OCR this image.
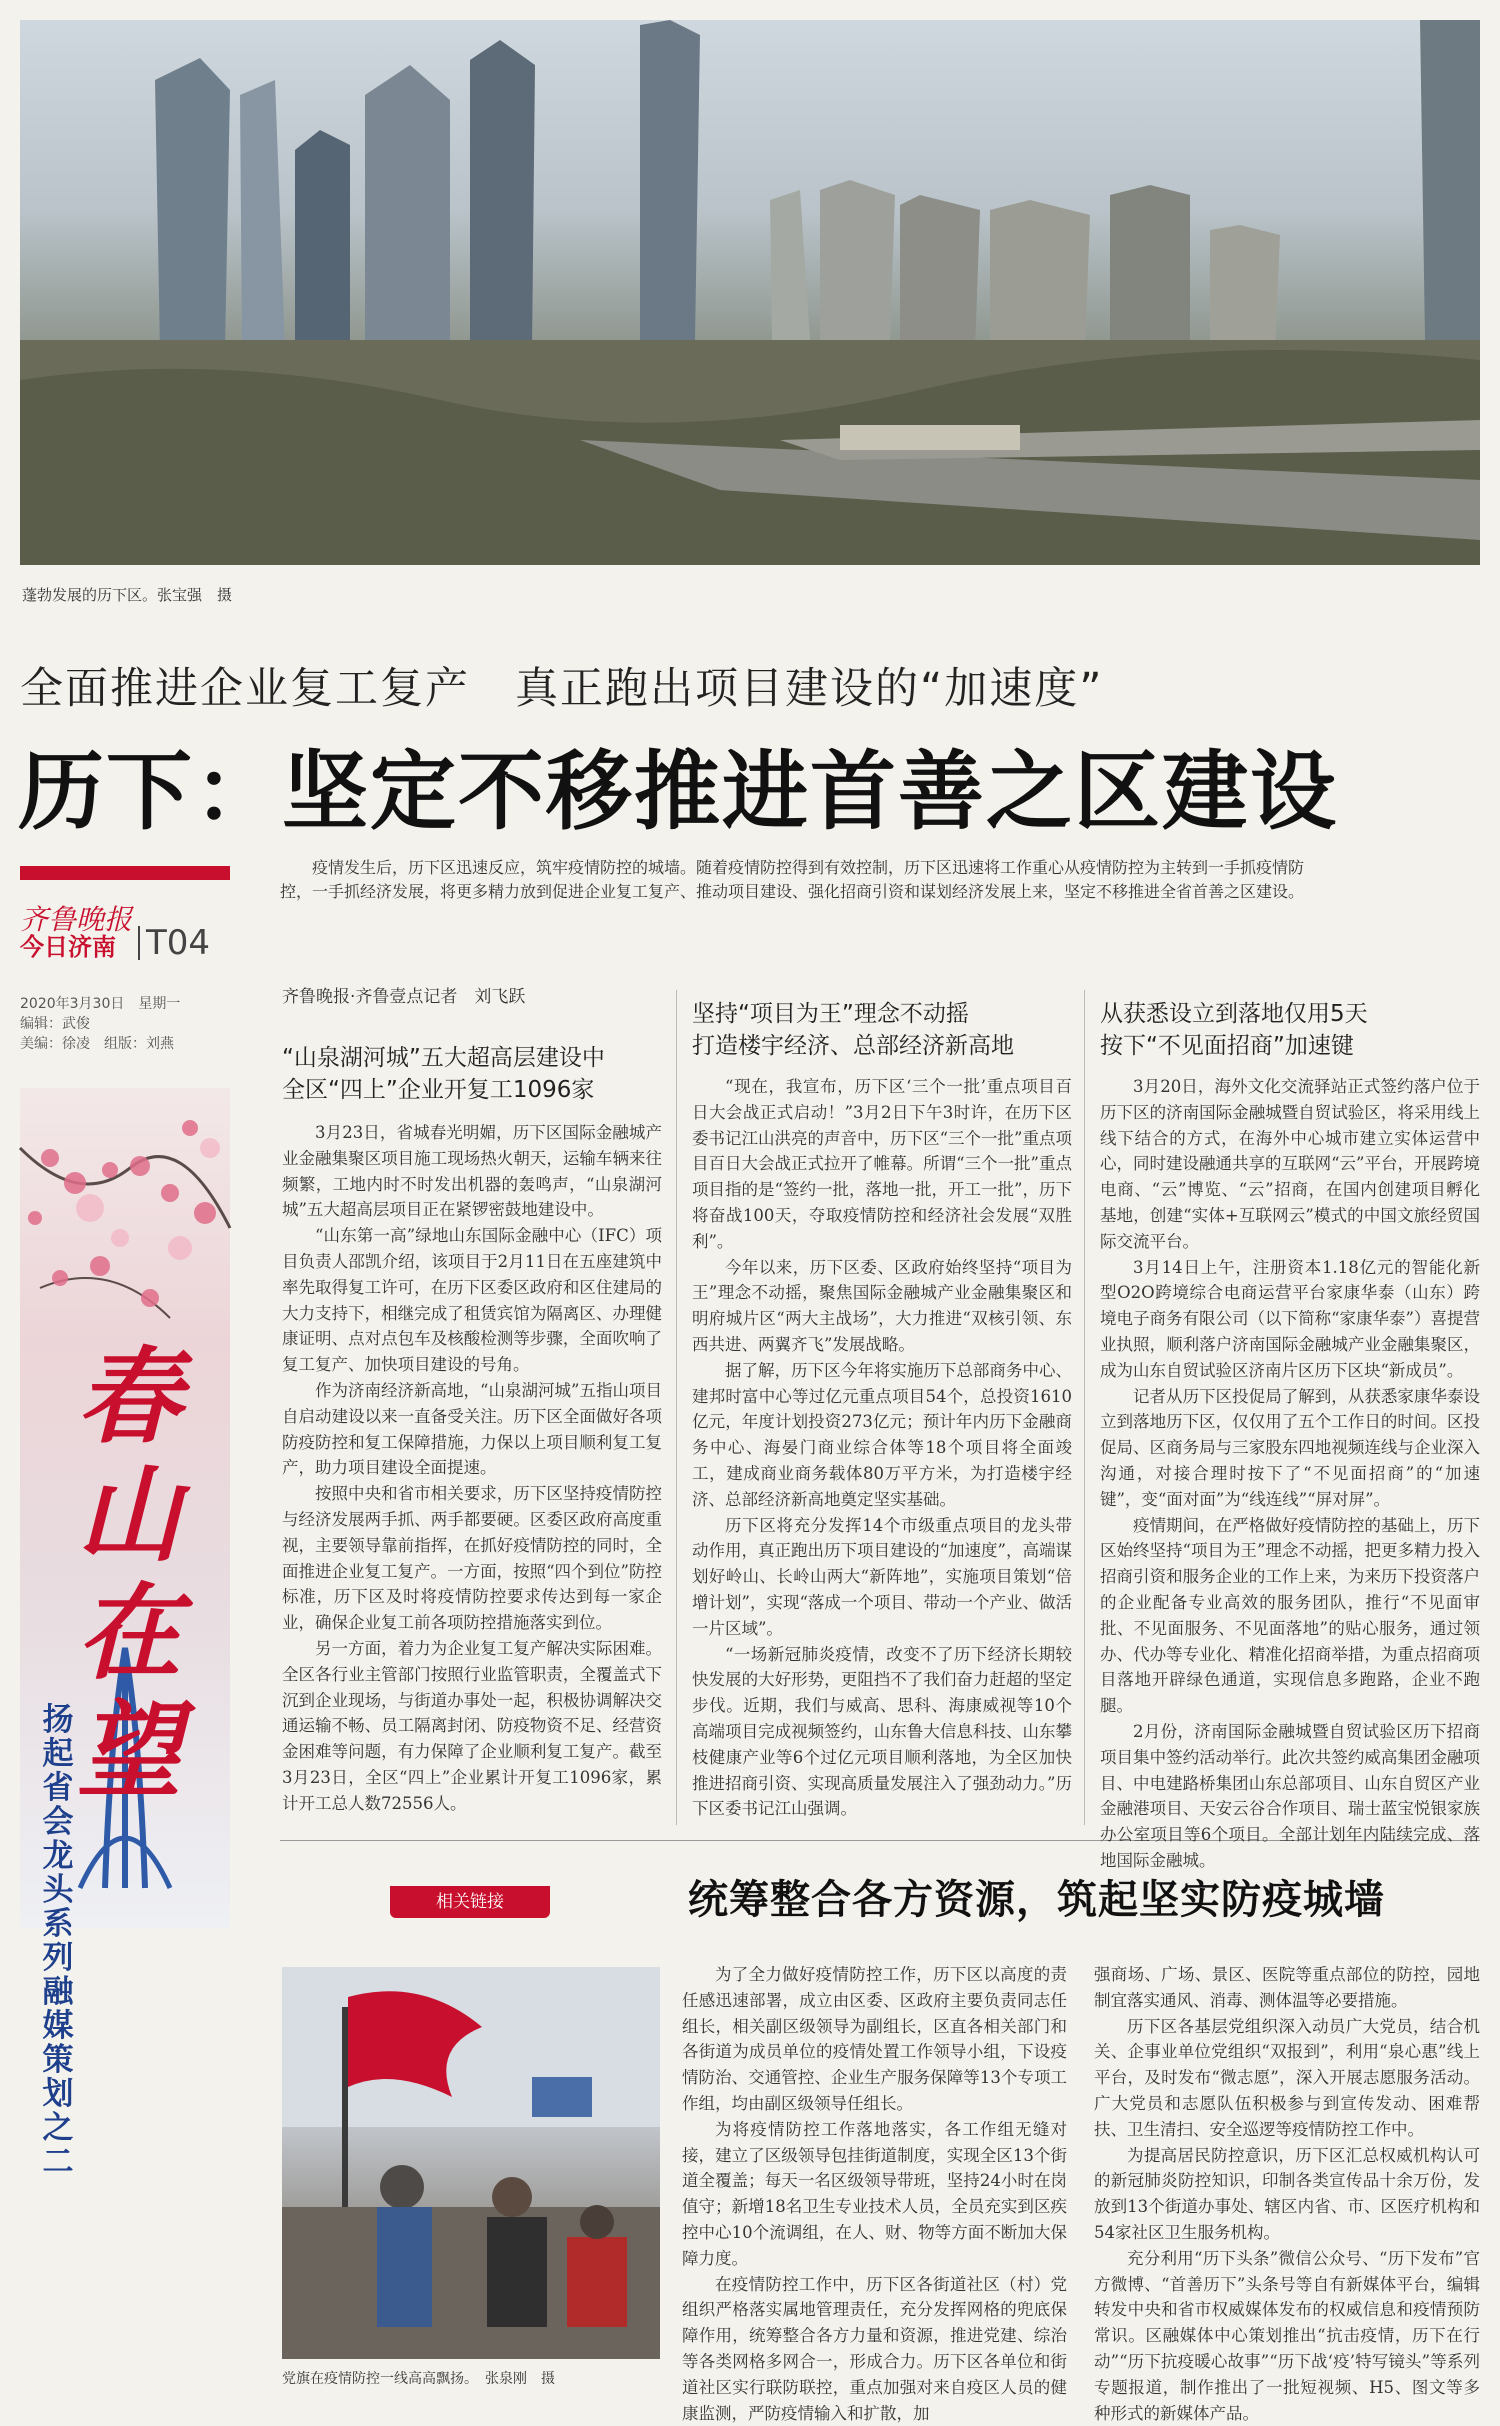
蓬勃发展的历下区。张宝强　摄
全面推进企业复工复产　真正跑出项目建设的“加速度”
历下：坚定不移推进首善之区建设
齐鲁晚报
今日济南 T04
2020年3月30日　星期一
编辑：武俊
美编：徐凌　组版：刘燕
春山在望
扬起省会龙头系列融媒策划之二
疫情发生后，历下区迅速反应，筑牢疫情防控的城墙。随着疫情防控得到有效控制，历下区迅速将工作重心从疫情防控为主转到一手抓疫情防控，一手抓经济发展，将更多精力放到促进企业复工复产、推动项目建设、强化招商引资和谋划经济发展上来，坚定不移推进全省首善之区建设。
齐鲁晚报·齐鲁壹点记者　刘飞跃
“山泉湖河城”五大超高层建设中
全区“四上”企业开复工1096家

3月23日，省城春光明媚，历下区国际金融城产业金融集聚区项目施工现场热火朝天，运输车辆来往频繁，工地内时不时发出机器的轰鸣声，“山泉湖河城”五大超高层项目正在紧锣密鼓地建设中。

“山东第一高”绿地山东国际金融中心（IFC）项目负责人邵凯介绍，该项目于2月11日在五座建筑中率先取得复工许可，在历下区委区政府和区住建局的大力支持下，相继完成了租赁宾馆为隔离区、办理健康证明、点对点包车及核酸检测等步骤，全面吹响了复工复产、加快项目建设的号角。

作为济南经济新高地，“山泉湖河城”五指山项目自启动建设以来一直备受关注。历下区全面做好各项防疫防控和复工保障措施，力保以上项目顺利复工复产，助力项目建设全面提速。

按照中央和省市相关要求，历下区坚持疫情防控与经济发展两手抓、两手都要硬。区委区政府高度重视，主要领导靠前指挥，在抓好疫情防控的同时，全面推进企业复工复产。一方面，按照“四个到位”防控标准，历下区及时将疫情防控要求传达到每一家企业，确保企业复工前各项防控措施落实到位。

另一方面，着力为企业复工复产解决实际困难。全区各行业主管部门按照行业监管职责，全覆盖式下沉到企业现场，与街道办事处一起，积极协调解决交通运输不畅、员工隔离封闭、防疫物资不足、经营资金困难等问题，有力保障了企业顺利复工复产。截至3月23日，全区“四上”企业累计开复工1096家，累计开工总人数72556人。

坚持“项目为王”理念不动摇
打造楼宇经济、总部经济新高地

“现在，我宣布，历下区‘三个一批’重点项目百日大会战正式启动！”3月2日下午3时许，在历下区委书记江山洪亮的声音中，历下区“三个一批”重点项目百日大会战正式拉开了帷幕。所谓“三个一批”重点项目指的是“签约一批，落地一批，开工一批”，历下将奋战100天，夺取疫情防控和经济社会发展“双胜利”。

今年以来，历下区委、区政府始终坚持“项目为王”理念不动摇，聚焦国际金融城产业金融集聚区和明府城片区“两大主战场”，大力推进“双核引领、东西共进、两翼齐飞”发展战略。

据了解，历下区今年将实施历下总部商务中心、建邦时富中心等过亿元重点项目54个，总投资1610亿元，年度计划投资273亿元；预计年内历下金融商务中心、海晏门商业综合体等18个项目将全面竣工，建成商业商务载体80万平方米，为打造楼宇经济、总部经济新高地奠定坚实基础。

历下区将充分发挥14个市级重点项目的龙头带动作用，真正跑出历下项目建设的“加速度”，高端谋划好岭山、长岭山两大“新阵地”，实施项目策划“倍增计划”，实现“落成一个项目、带动一个产业、做活一片区域”。

“一场新冠肺炎疫情，改变不了历下经济长期较快发展的大好形势，更阻挡不了我们奋力赶超的坚定步伐。近期，我们与威高、思科、海康威视等10个高端项目完成视频签约，山东鲁大信息科技、山东攀枝健康产业等6个过亿元项目顺利落地，为全区加快推进招商引资、实现高质量发展注入了强劲动力。”历下区委书记江山强调。

从获悉设立到落地仅用5天
按下“不见面招商”加速键

3月20日，海外文化交流驿站正式签约落户位于历下区的济南国际金融城暨自贸试验区，将采用线上线下结合的方式，在海外中心城市建立实体运营中心，同时建设融通共享的互联网“云”平台，开展跨境电商、“云”博览、“云”招商，在国内创建项目孵化基地，创建“实体+互联网云”模式的中国文旅经贸国际交流平台。

3月14日上午，注册资本1.18亿元的智能化新型O2O跨境综合电商运营平台家康华泰（山东）跨境电子商务有限公司（以下简称“家康华泰”）喜提营业执照，顺利落户济南国际金融城产业金融集聚区，成为山东自贸试验区济南片区历下区块“新成员”。

记者从历下区投促局了解到，从获悉家康华泰设立到落地历下区，仅仅用了五个工作日的时间。区投促局、区商务局与三家股东四地视频连线与企业深入沟通，对接合理时按下了“不见面招商”的“加速键”，变“面对面”为“线连线”“屏对屏”。

疫情期间，在严格做好疫情防控的基础上，历下区始终坚持“项目为王”理念不动摇，把更多精力投入招商引资和服务企业的工作上来，为来历下投资落户的企业配备专业高效的服务团队，推行“不见面审批、不见面服务、不见面落地”的贴心服务，通过领办、代办等专业化、精准化招商举措，为重点招商项目落地开辟绿色通道，实现信息多跑路，企业不跑腿。

2月份，济南国际金融城暨自贸试验区历下招商项目集中签约活动举行。此次共签约威高集团金融项目、中电建路桥集团山东总部项目、山东自贸区产业金融港项目、天安云谷合作项目、瑞士蓝宝悦银家族办公室项目等6个项目。全部计划年内陆续完成、落地国际金融城。

相关链接	统筹整合各方资源，筑起坚实防疫城墙
党旗在疫情防控一线高高飘扬。　张泉刚　摄

为了全力做好疫情防控工作，历下区以高度的责任感迅速部署，成立由区委、区政府主要负责同志任组长，相关副区级领导为副组长，区直各相关部门和各街道为成员单位的疫情处置工作领导小组，下设疫情防治、交通管控、企业生产服务保障等13个专项工作组，均由副区级领导任组长。

为将疫情防控工作落地落实，各工作组无缝对接，建立了区级领导包挂街道制度，实现全区13个街道全覆盖；每天一名区级领导带班，坚持24小时在岗值守；新增18名卫生专业技术人员，全员充实到区疾控中心10个流调组，在人、财、物等方面不断加大保障力度。

在疫情防控工作中，历下区各街道社区（村）党组织严格落实属地管理责任，充分发挥网格的兜底保障作用，统筹整合各方力量和资源，推进党建、综治等各类网格多网合一，形成合力。历下区各单位和街道社区实行联防联控，重点加强对来自疫区人员的健康监测，严防疫情输入和扩散，加

强商场、广场、景区、医院等重点部位的防控，园地制宜落实通风、消毒、测体温等必要措施。

历下区各基层党组织深入动员广大党员，结合机关、企事业单位党组织“双报到”，利用“泉心惠”线上平台，及时发布“微志愿”，深入开展志愿服务活动。广大党员和志愿队伍积极参与到宣传发动、困难帮扶、卫生清扫、安全巡逻等疫情防控工作中。

为提高居民防控意识，历下区汇总权威机构认可的新冠肺炎防控知识，印制各类宣传品十余万份，发放到13个街道办事处、辖区内省、市、区医疗机构和54家社区卫生服务机构。

充分利用“历下头条”微信公众号、“历下发布”官方微博、“首善历下”头条号等自有新媒体平台，编辑转发中央和省市权威媒体发布的权威信息和疫情预防常识。区融媒体中心策划推出“抗击疫情，历下在行动”“历下抗疫暖心故事”“历下战‘疫’特写镜头”等系列专题报道，制作推出了一批短视频、H5、图文等多种形式的新媒体产品。
